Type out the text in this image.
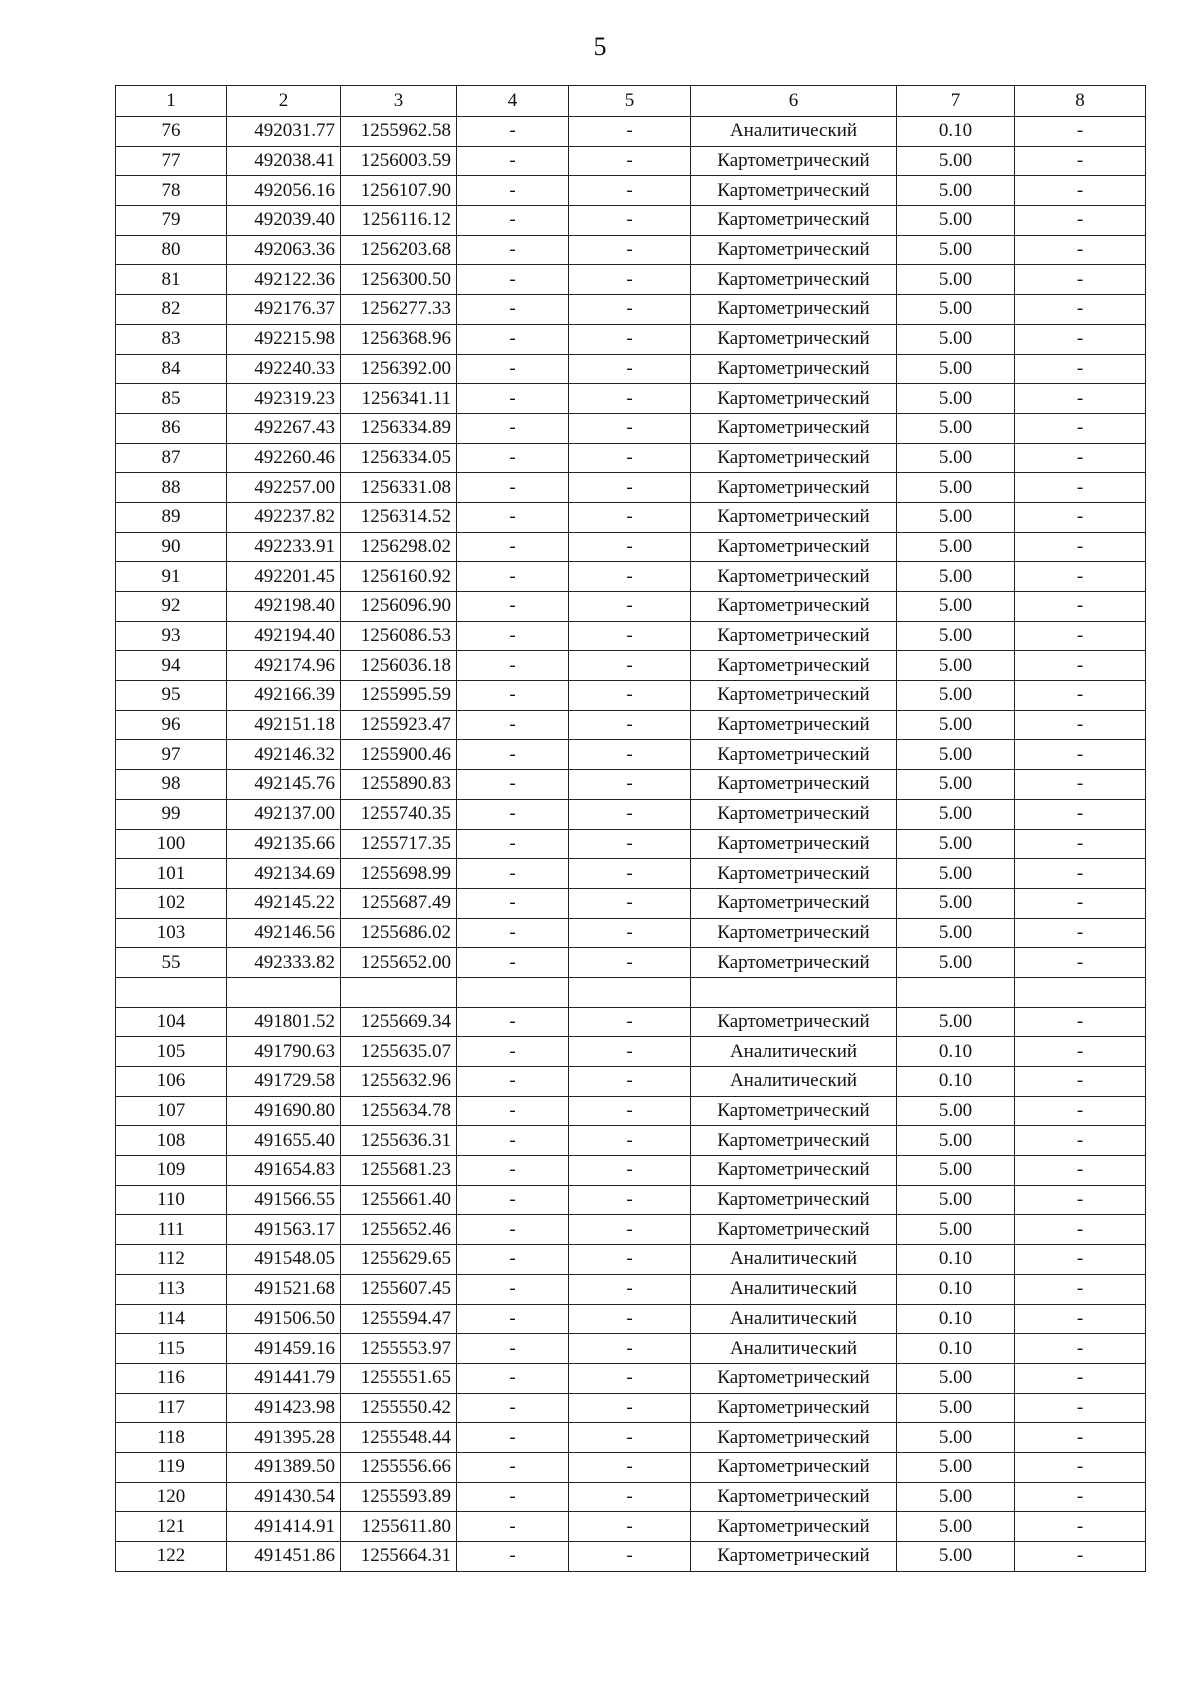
5
1	2	3	4	5	6	7	8
76	492031.77	1255962.58	-	-	Аналитический	0.10	-
77	492038.41	1256003.59	-	-	Картометрический	5.00	-
78	492056.16	1256107.90	-	-	Картометрический	5.00	-
79	492039.40	1256116.12	-	-	Картометрический	5.00	-
80	492063.36	1256203.68	-	-	Картометрический	5.00	-
81	492122.36	1256300.50	-	-	Картометрический	5.00	-
82	492176.37	1256277.33	-	-	Картометрический	5.00	-
83	492215.98	1256368.96	-	-	Картометрический	5.00	-
84	492240.33	1256392.00	-	-	Картометрический	5.00	-
85	492319.23	1256341.11	-	-	Картометрический	5.00	-
86	492267.43	1256334.89	-	-	Картометрический	5.00	-
87	492260.46	1256334.05	-	-	Картометрический	5.00	-
88	492257.00	1256331.08	-	-	Картометрический	5.00	-
89	492237.82	1256314.52	-	-	Картометрический	5.00	-
90	492233.91	1256298.02	-	-	Картометрический	5.00	-
91	492201.45	1256160.92	-	-	Картометрический	5.00	-
92	492198.40	1256096.90	-	-	Картометрический	5.00	-
93	492194.40	1256086.53	-	-	Картометрический	5.00	-
94	492174.96	1256036.18	-	-	Картометрический	5.00	-
95	492166.39	1255995.59	-	-	Картометрический	5.00	-
96	492151.18	1255923.47	-	-	Картометрический	5.00	-
97	492146.32	1255900.46	-	-	Картометрический	5.00	-
98	492145.76	1255890.83	-	-	Картометрический	5.00	-
99	492137.00	1255740.35	-	-	Картометрический	5.00	-
100	492135.66	1255717.35	-	-	Картометрический	5.00	-
101	492134.69	1255698.99	-	-	Картометрический	5.00	-
102	492145.22	1255687.49	-	-	Картометрический	5.00	-
103	492146.56	1255686.02	-	-	Картометрический	5.00	-
55	492333.82	1255652.00	-	-	Картометрический	5.00	-

104	491801.52	1255669.34	-	-	Картометрический	5.00	-
105	491790.63	1255635.07	-	-	Аналитический	0.10	-
106	491729.58	1255632.96	-	-	Аналитический	0.10	-
107	491690.80	1255634.78	-	-	Картометрический	5.00	-
108	491655.40	1255636.31	-	-	Картометрический	5.00	-
109	491654.83	1255681.23	-	-	Картометрический	5.00	-
110	491566.55	1255661.40	-	-	Картометрический	5.00	-
111	491563.17	1255652.46	-	-	Картометрический	5.00	-
112	491548.05	1255629.65	-	-	Аналитический	0.10	-
113	491521.68	1255607.45	-	-	Аналитический	0.10	-
114	491506.50	1255594.47	-	-	Аналитический	0.10	-
115	491459.16	1255553.97	-	-	Аналитический	0.10	-
116	491441.79	1255551.65	-	-	Картометрический	5.00	-
117	491423.98	1255550.42	-	-	Картометрический	5.00	-
118	491395.28	1255548.44	-	-	Картометрический	5.00	-
119	491389.50	1255556.66	-	-	Картометрический	5.00	-
120	491430.54	1255593.89	-	-	Картометрический	5.00	-
121	491414.91	1255611.80	-	-	Картометрический	5.00	-
122	491451.86	1255664.31	-	-	Картометрический	5.00	-
